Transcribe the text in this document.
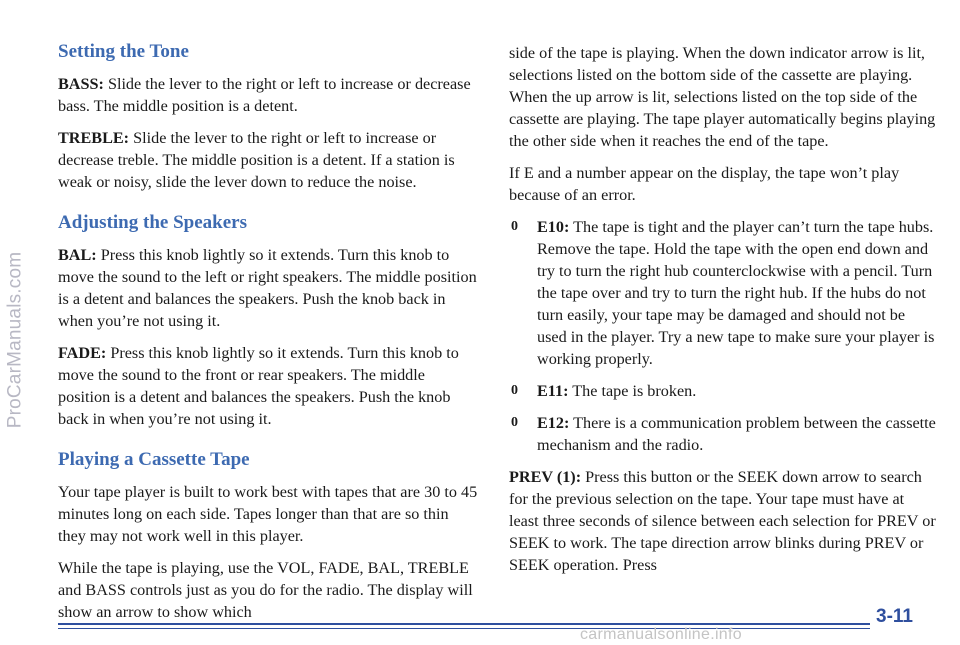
ProCarManuals.com
Setting the Tone

BASS: Slide the lever to the right or left to increase or decrease bass. The middle position is a detent.

TREBLE: Slide the lever to the right or left to increase or decrease treble. The middle position is a detent. If a station is weak or noisy, slide the lever down to reduce the noise.

Adjusting the Speakers

BAL: Press this knob lightly so it extends. Turn this knob to move the sound to the left or right speakers. The middle position is a detent and balances the speakers. Push the knob back in when you’re not using it.

FADE: Press this knob lightly so it extends. Turn this knob to move the sound to the front or rear speakers. The middle position is a detent and balances the speakers. Push the knob back in when you’re not using it.

Playing a Cassette Tape

Your tape player is built to work best with tapes that are 30 to 45 minutes long on each side. Tapes longer than that are so thin they may not work well in this player.

While the tape is playing, use the VOL, FADE, BAL, TREBLE and BASS controls just as you do for the radio. The display will show an arrow to show which

side of the tape is playing. When the down indicator arrow is lit, selections listed on the bottom side of the cassette are playing. When the up arrow is lit, selections listed on the top side of the cassette are playing. The tape player automatically begins playing the other side when it reaches the end of the tape.

If E and a number appear on the display, the tape won’t play because of an error.

0 E10: The tape is tight and the player can’t turn the tape hubs. Remove the tape. Hold the tape with the open end down and try to turn the right hub counterclockwise with a pencil. Turn the tape over and try to turn the right hub. If the hubs do not turn easily, your tape may be damaged and should not be used in the player. Try a new tape to make sure your player is working properly.
0 E11: The tape is broken.
0 E12: There is a communication problem between the cassette mechanism and the radio.

PREV (1): Press this button or the SEEK down arrow to search for the previous selection on the tape. Your tape must have at least three seconds of silence between each selection for PREV or SEEK to work. The tape direction arrow blinks during PREV or SEEK operation. Press

3-11
carmanualsonline.info
